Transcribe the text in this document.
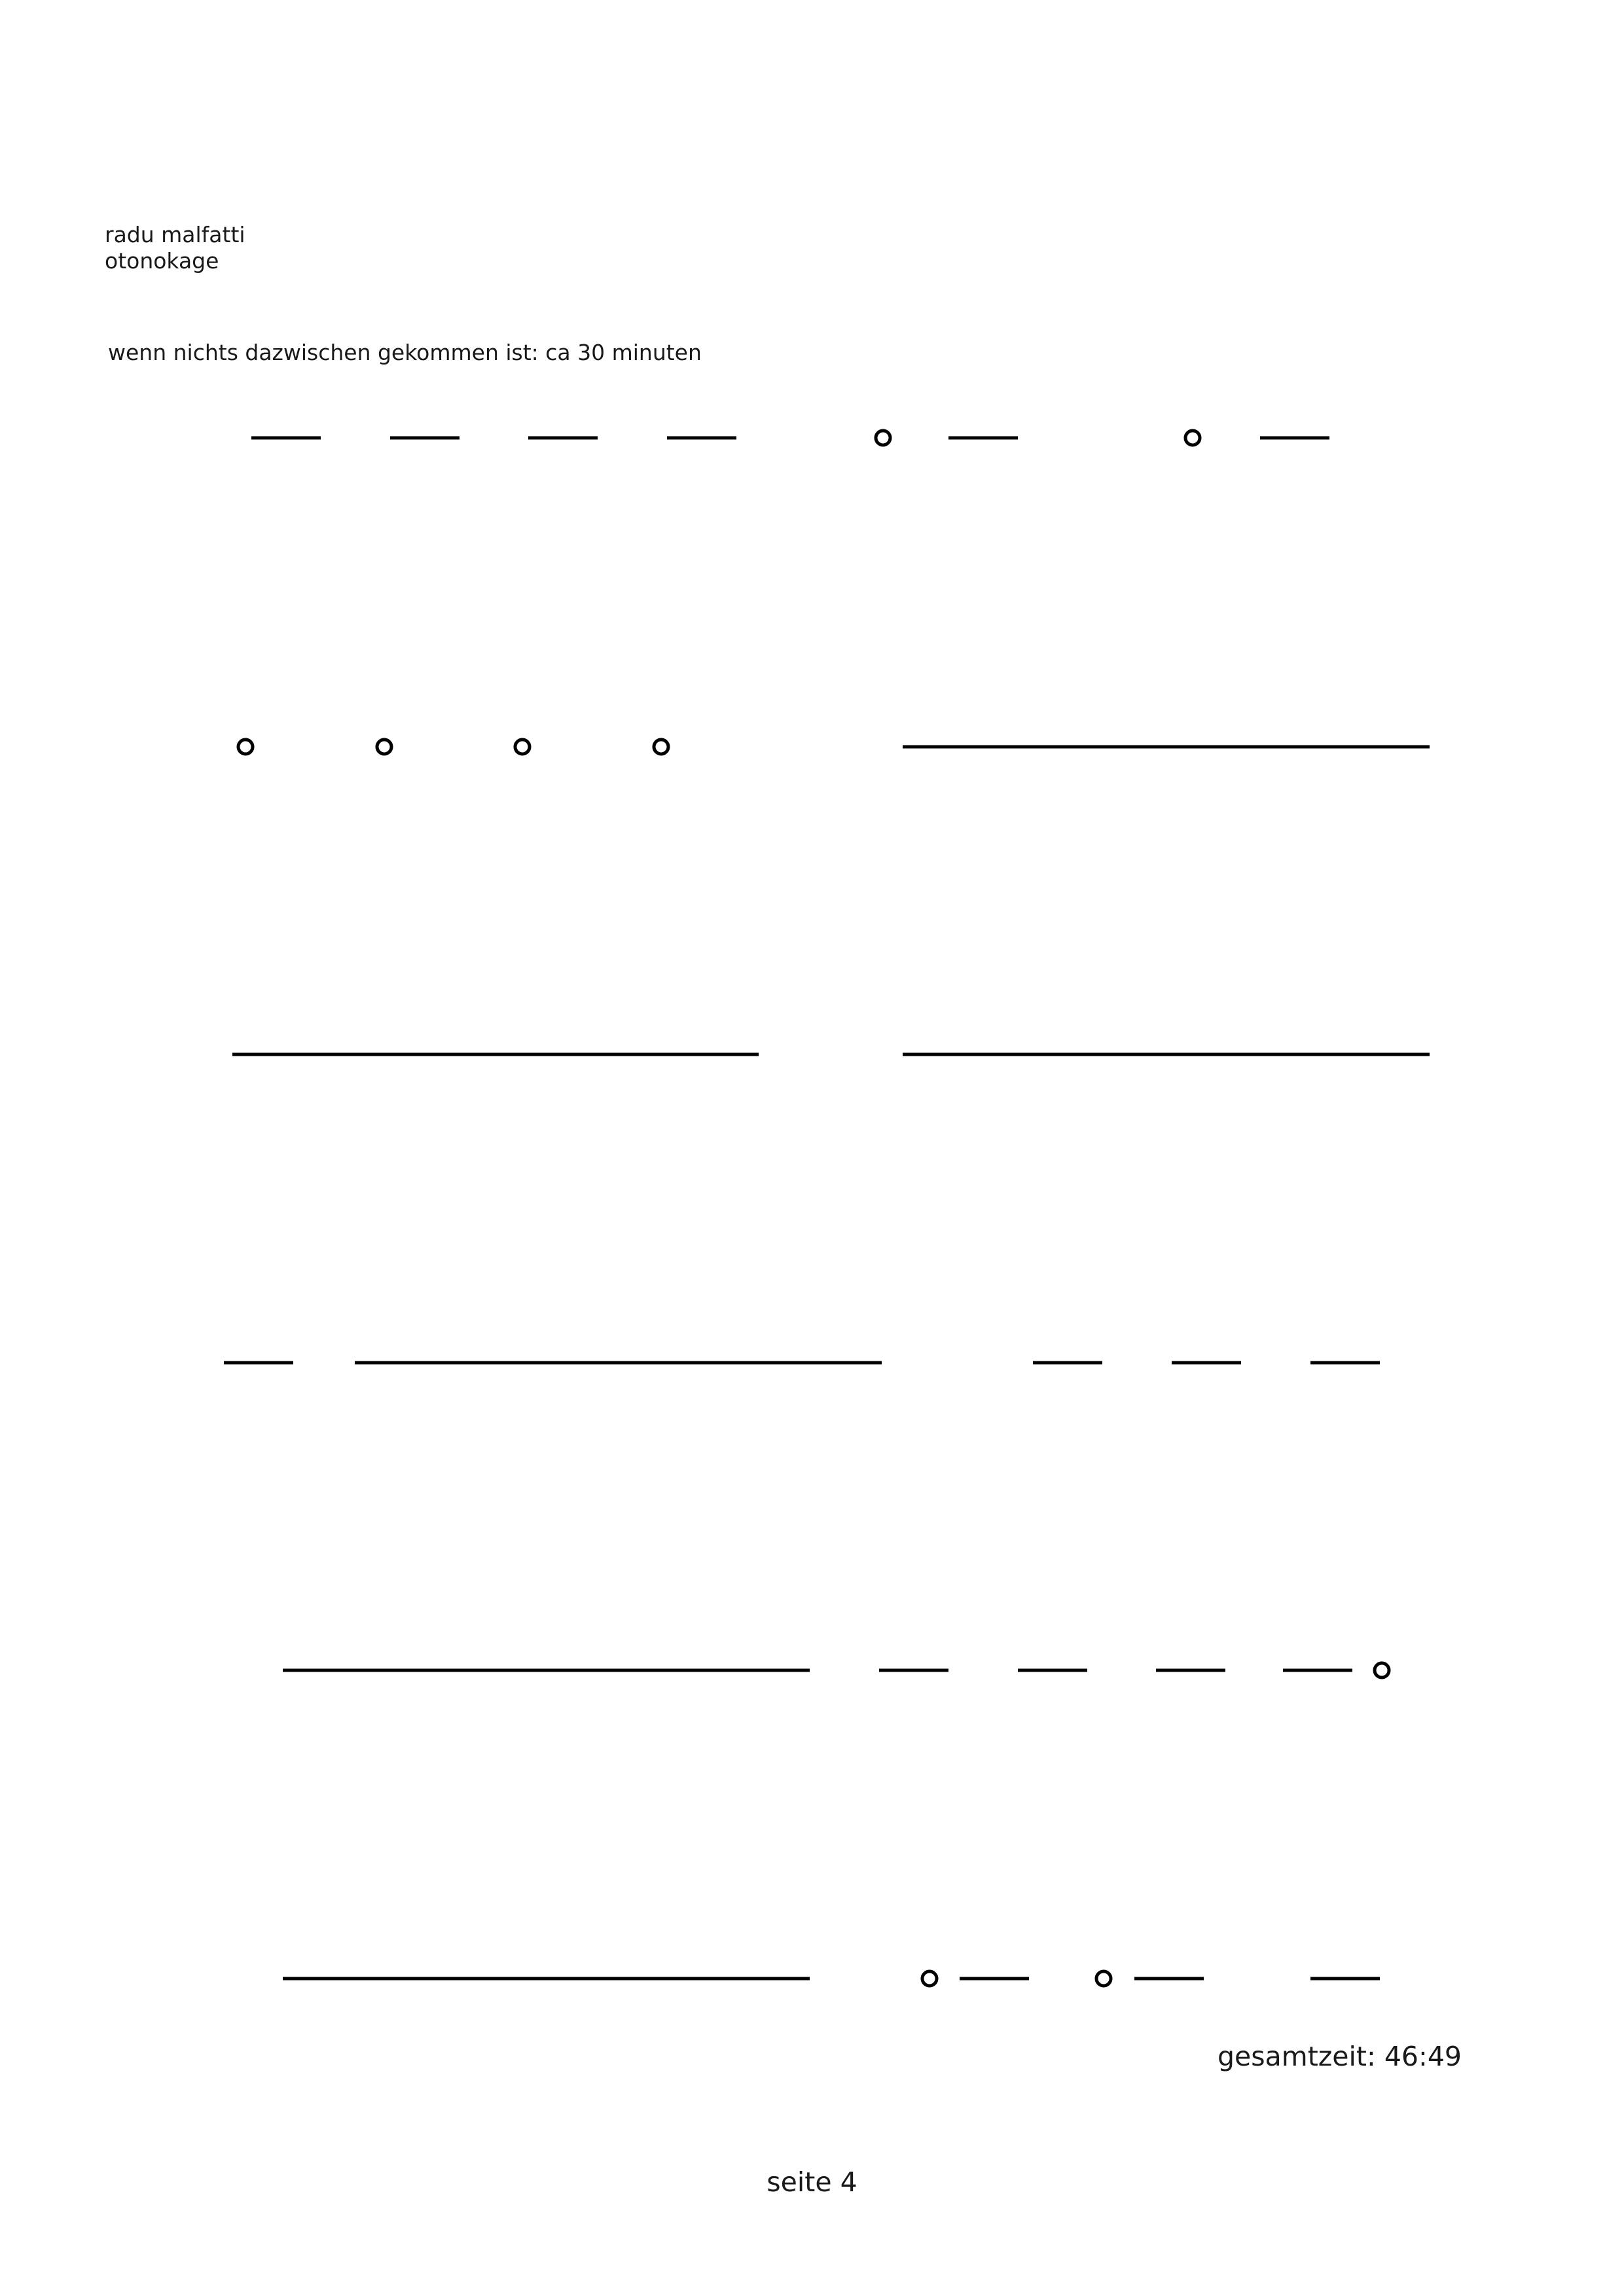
radu malfatti
otonokage
wenn nichts dazwischen gekommen ist: ca 30 minuten
gesamtzeit: 46:49
seite 4
